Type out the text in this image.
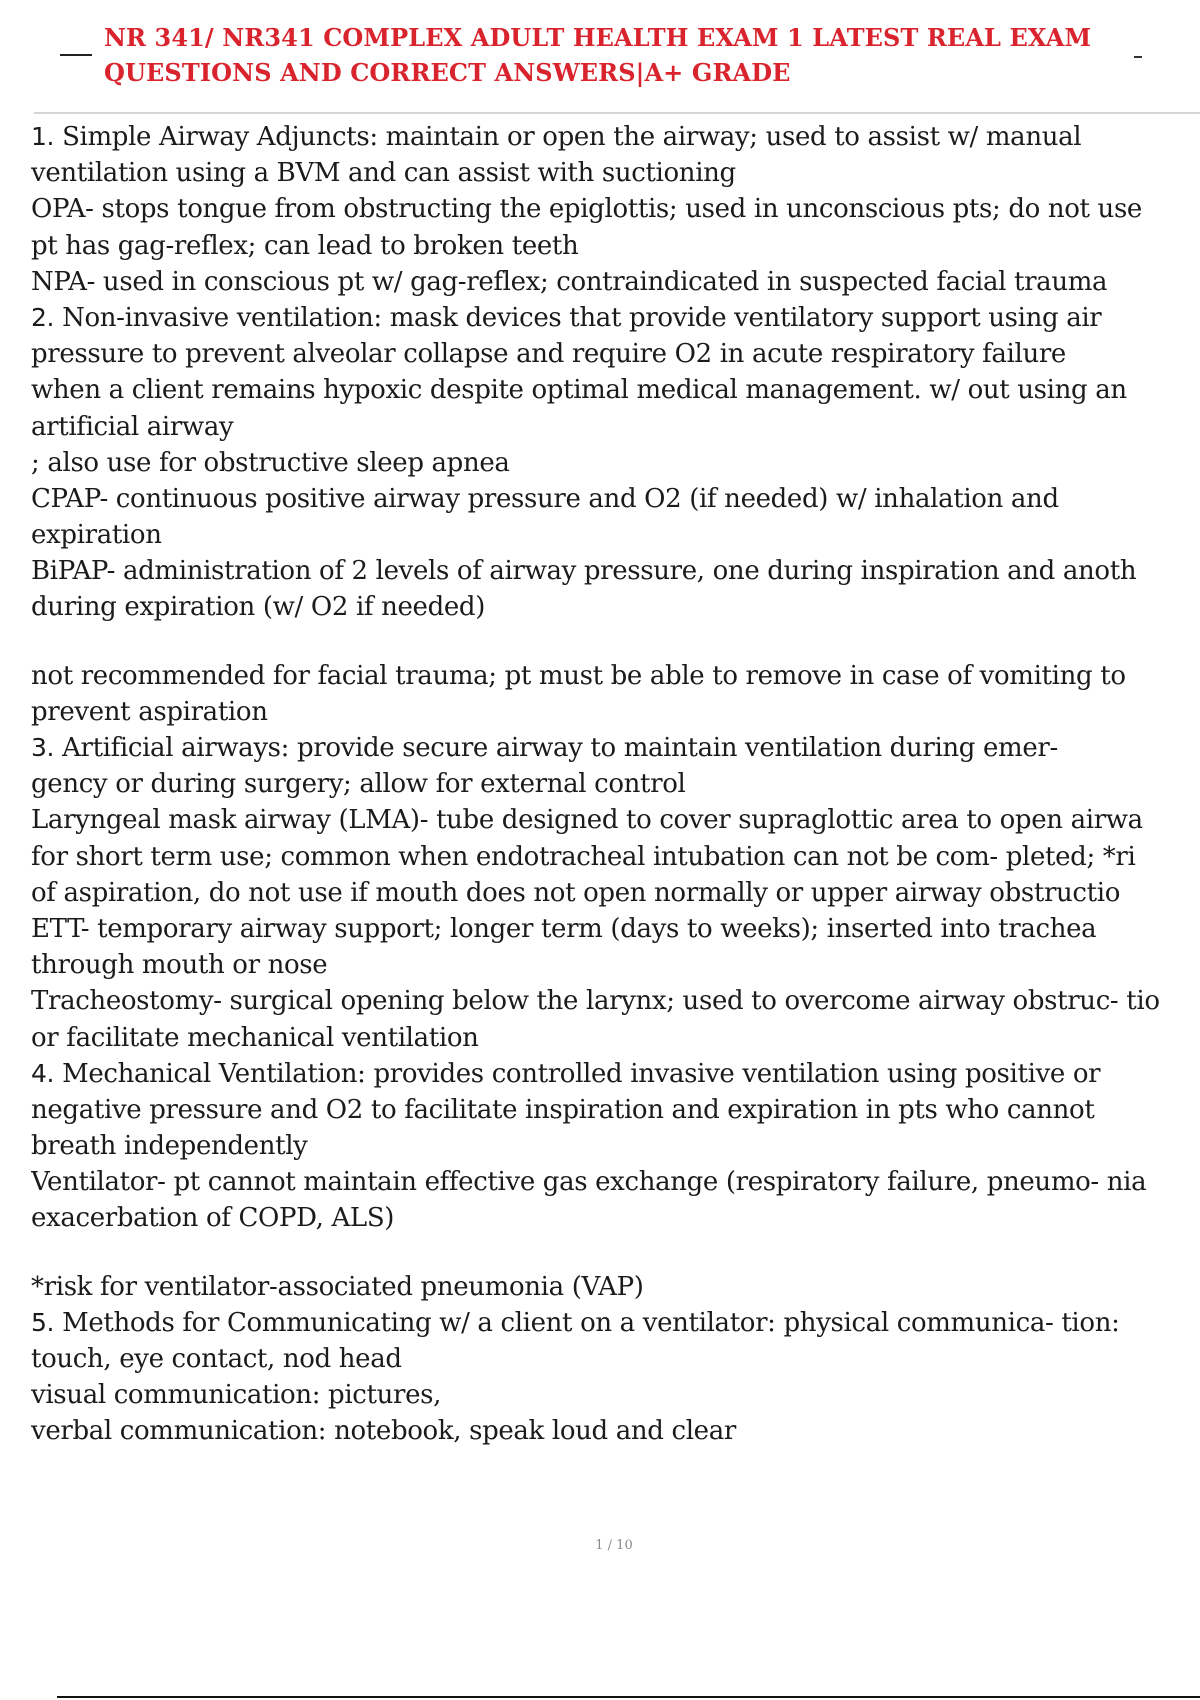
NR 341/ NR341 COMPLEX ADULT HEALTH EXAM 1 LATEST REAL EXAM
QUESTIONS AND CORRECT ANSWERS|A+ GRADE
1. Simple Airway Adjuncts: maintain or open the airway; used to assist w/ manual
ventilation using a BVM and can assist with suctioning
OPA- stops tongue from obstructing the epiglottis; used in unconscious pts; do not use
pt has gag-reflex; can lead to broken teeth
NPA- used in conscious pt w/ gag-reflex; contraindicated in suspected facial trauma
2. Non-invasive ventilation: mask devices that provide ventilatory support using air
pressure to prevent alveolar collapse and require O2 in acute respiratory failure
when a client remains hypoxic despite optimal medical management. w/ out using an
artificial airway
; also use for obstructive sleep apnea
CPAP- continuous positive airway pressure and O2 (if needed) w/ inhalation and
expiration
BiPAP- administration of 2 levels of airway pressure, one during inspiration and anoth
during expiration (w/ O2 if needed)
not recommended for facial trauma; pt must be able to remove in case of vomiting to
prevent aspiration
3. Artificial airways: provide secure airway to maintain ventilation during emer-
gency or during surgery; allow for external control
Laryngeal mask airway (LMA)- tube designed to cover supraglottic area to open airwa
for short term use; common when endotracheal intubation can not be com- pleted; *ri
of aspiration, do not use if mouth does not open normally or upper airway obstructio
ETT- temporary airway support; longer term (days to weeks); inserted into trachea
through mouth or nose
Tracheostomy- surgical opening below the larynx; used to overcome airway obstruc- tio
or facilitate mechanical ventilation
4. Mechanical Ventilation: provides controlled invasive ventilation using positive or
negative pressure and O2 to facilitate inspiration and expiration in pts who cannot
breath independently
Ventilator- pt cannot maintain effective gas exchange (respiratory failure, pneumo- nia
exacerbation of COPD, ALS)
*risk for ventilator-associated pneumonia (VAP)
5. Methods for Communicating w/ a client on a ventilator: physical communica- tion:
touch, eye contact, nod head
visual communication: pictures,
verbal communication: notebook, speak loud and clear
1 / 10
